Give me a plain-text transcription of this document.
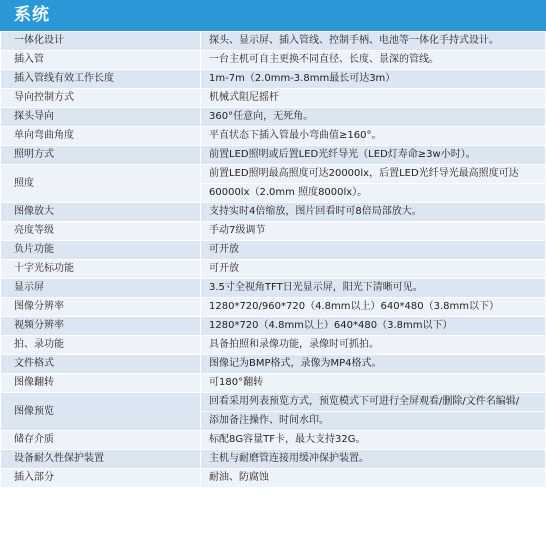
系统
一体化设计	探头、显示屏、插入管线、控制手柄、电池等一体化手持式设计。
插入管	一台主机可自主更换不同直径、长度、景深的管线。
插入管线有效工作长度	1m-7m（2.0mm-3.8mm最长可达3m）
导向控制方式	机械式阻尼摇杆
探头导向	360°任意向，无死角。
单向弯曲角度	平直状态下插入管最小弯曲值≥160°。
照明方式	前置LED照明或后置LED光纤导光（LED灯寿命≥3w小时）。
照度	前置LED照明最高照度可达20000lx，后置LED光纤导光最高照度可达
60000lx（2.0mm 照度8000lx）。

图像放大	支持实时4倍缩放，图片回看时可8倍局部放大。
亮度等级	手动7级调节
负片功能	可开放
十字光标功能	可开放
显示屏	3.5寸全视角TFT日光显示屏，阳光下清晰可见。
图像分辨率	1280*720/960*720（4.8mm以上）640*480（3.8mm以下）
视频分辨率	1280*720（4.8mm以上）640*480（3.8mm以下）
拍、录功能	具备拍照和录像功能，录像时可抓拍。
文件格式	图像记为BMP格式，录像为MP4格式。
图像翻转	可180°翻转
图像预览	回看采用列表预览方式，预览模式下可进行全屏观看/删除/文件名编辑/
添加备注操作、时间水印。

储存介质	标配8G容量TF卡，最大支持32G。
设备耐久性保护装置	主机与耐磨管连接用缓冲保护装置。
插入部分	耐油、防腐蚀
